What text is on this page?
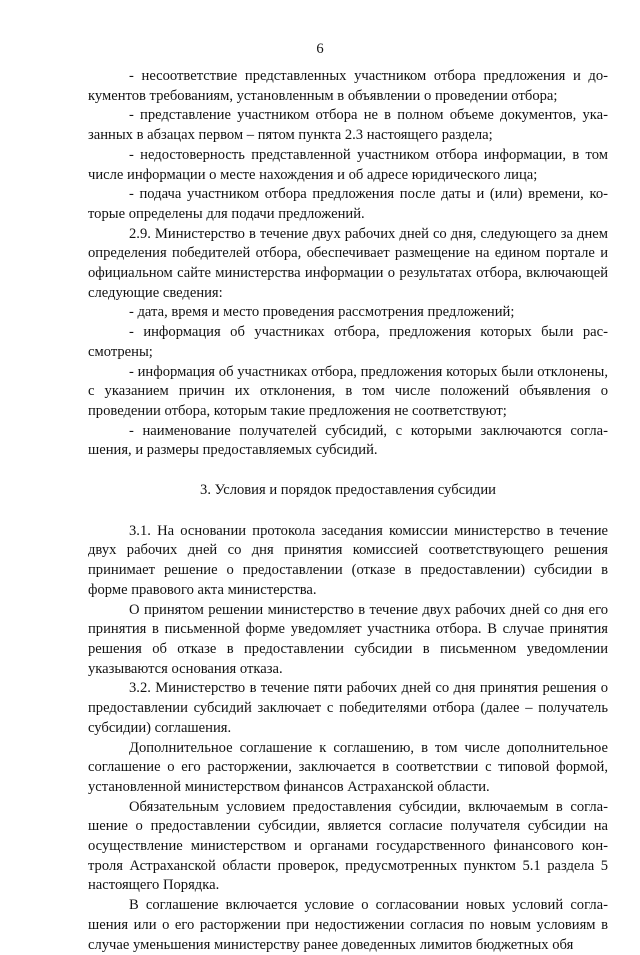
6

- несоответствие представленных участником отбора предложения и документов требованиям, установленным в объявлении о проведении отбора;

- представление участником отбора не в полном объеме документов, указанных в абзацах первом – пятом пункта 2.3 настоящего раздела;

- недостоверность представленной участником отбора информации, в том числе информации о месте нахождения и об адресе юридического лица;

- подача участником отбора предложения после даты и (или) времени, которые определены для подачи предложений.

2.9. Министерство в течение двух рабочих дней со дня, следующего за днем определения победителей отбора, обеспечивает размещение на едином портале и официальном сайте министерства информации о результатах отбора, включающей следующие сведения:

- дата, время и место проведения рассмотрения предложений;

- информация об участниках отбора, предложения которых были рассмотрены;

- информация об участниках отбора, предложения которых были отклонены, с указанием причин их отклонения, в том числе положений объявления о проведении отбора, которым такие предложения не соответствуют;

- наименование получателей субсидий, с которыми заключаются соглашения, и размеры предоставляемых субсидий.

3. Условия и порядок предоставления субсидии

3.1. На основании протокола заседания комиссии министерство в течение двух рабочих дней со дня принятия комиссией соответствующего решения принимает решение о предоставлении (отказе в предоставлении) субсидии в форме правового акта министерства.

О принятом решении министерство в течение двух рабочих дней со дня его принятия в письменной форме уведомляет участника отбора. В случае принятия решения об отказе в предоставлении субсидии в письменном уведомлении указываются основания отказа.

3.2. Министерство в течение пяти рабочих дней со дня принятия решения о предоставлении субсидий заключает с победителями отбора (далее – получатель субсидии) соглашения.

Дополнительное соглашение к соглашению, в том числе дополнительное соглашение о его расторжении, заключается в соответствии с типовой формой, установленной министерством финансов Астраханской области.

Обязательным условием предоставления субсидии, включаемым в соглашение о предоставлении субсидии, является согласие получателя субсидии на осуществление министерством и органами государственного финансового контроля Астраханской области проверок, предусмотренных пунктом 5.1 раздела 5 настоящего Порядка.

В соглашение включается условие о согласовании новых условий соглашения или о его расторжении при недостижении согласия по новым условиям в случае уменьшения министерству ранее доведенных лимитов бюджетных обя
